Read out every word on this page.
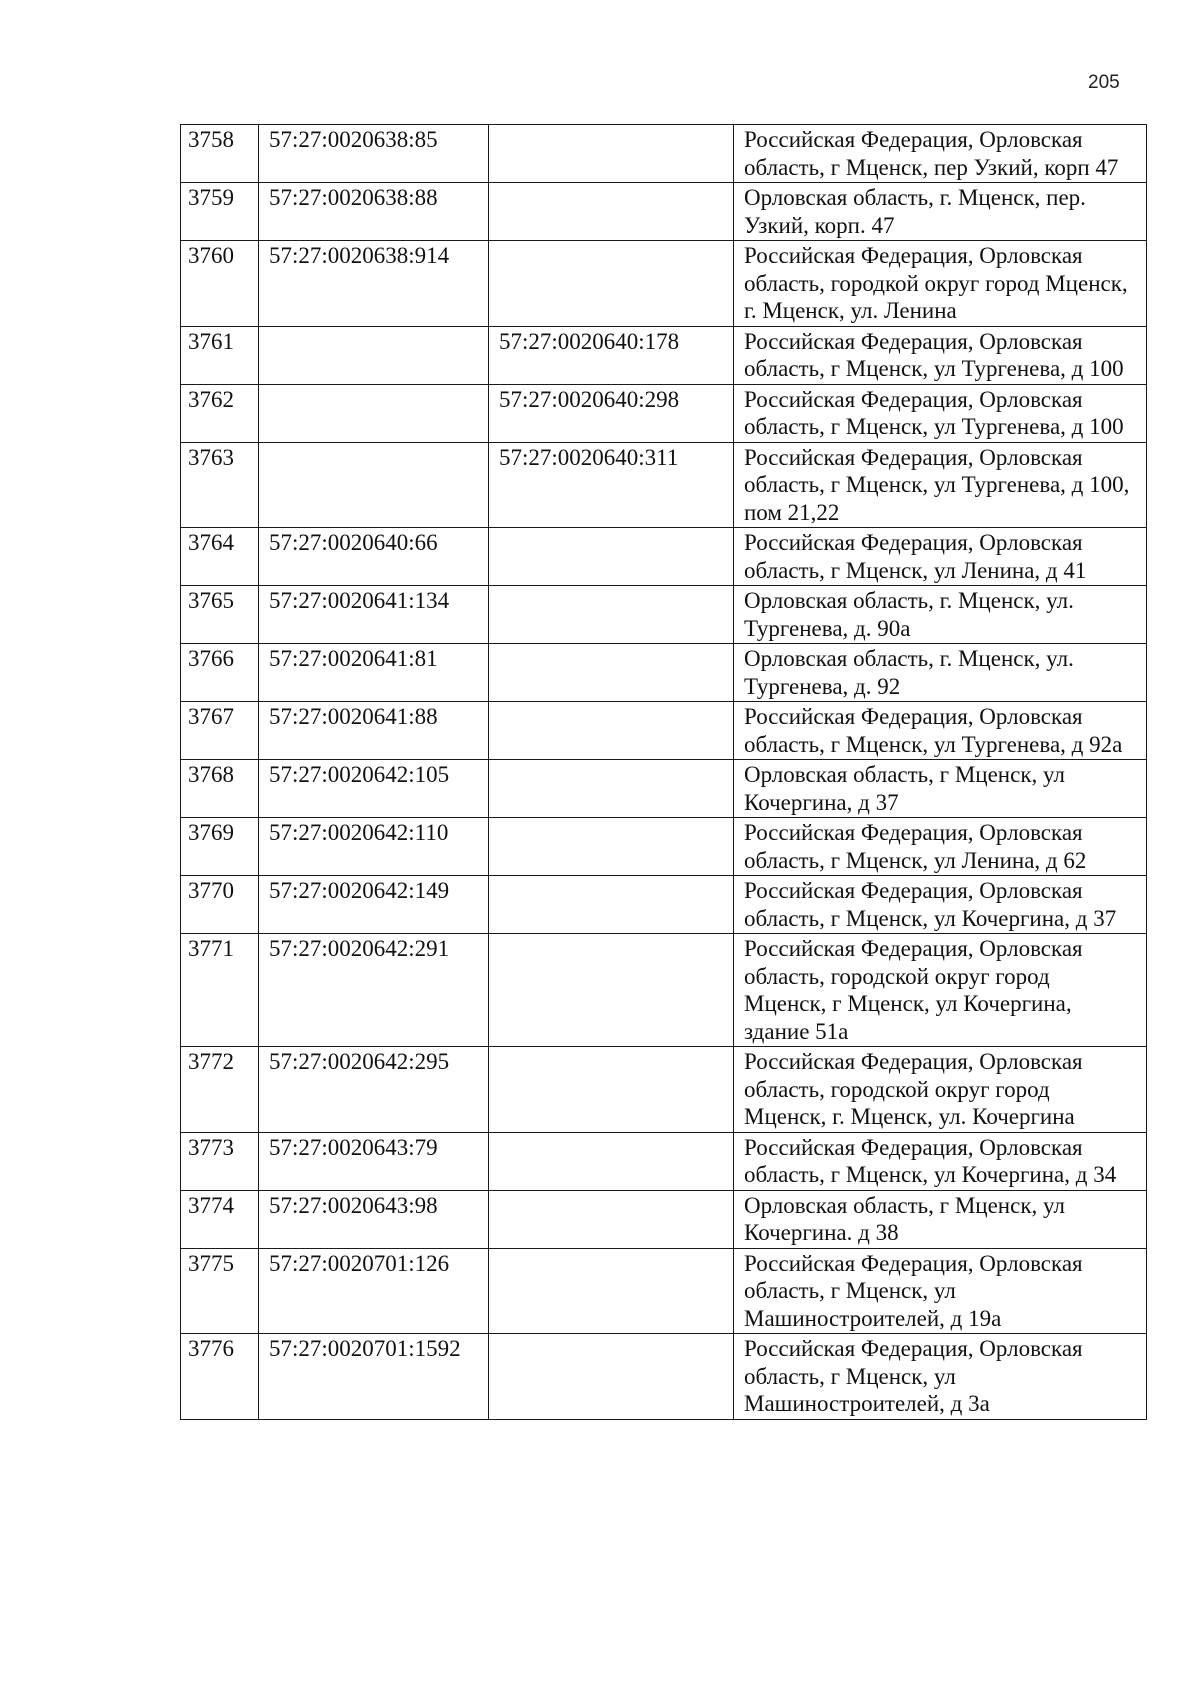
205
3758	57:27:0020638:85		Российская Федерация, Орловская область, г Мценск, пер Узкий, корп 47
3759	57:27:0020638:88		Орловская область, г. Мценск, пер. Узкий, корп. 47
3760	57:27:0020638:914		Российская Федерация, Орловская область, городкой округ город Мценск, г. Мценск, ул. Ленина
3761		57:27:0020640:178	Российская Федерация, Орловская область, г Мценск, ул Тургенева, д 100
3762		57:27:0020640:298	Российская Федерация, Орловская область, г Мценск, ул Тургенева, д 100
3763		57:27:0020640:311	Российская Федерация, Орловская область, г Мценск, ул Тургенева, д 100, пом 21,22
3764	57:27:0020640:66		Российская Федерация, Орловская область, г Мценск, ул Ленина, д 41
3765	57:27:0020641:134		Орловская область, г. Мценск, ул. Тургенева, д. 90а
3766	57:27:0020641:81		Орловская область, г. Мценск, ул. Тургенева, д. 92
3767	57:27:0020641:88		Российская Федерация, Орловская область, г Мценск, ул Тургенева, д 92а
3768	57:27:0020642:105		Орловская область, г Мценск, ул Кочергина, д 37
3769	57:27:0020642:110		Российская Федерация, Орловская область, г Мценск, ул Ленина, д 62
3770	57:27:0020642:149		Российская Федерация, Орловская область, г Мценск, ул Кочергина, д 37
3771	57:27:0020642:291		Российская Федерация, Орловская область, городской округ город Мценск, г Мценск, ул Кочергина, здание 51а
3772	57:27:0020642:295		Российская Федерация, Орловская область, городской округ город Мценск, г. Мценск, ул. Кочергина
3773	57:27:0020643:79		Российская Федерация, Орловская область, г Мценск, ул Кочергина, д 34
3774	57:27:0020643:98		Орловская область, г Мценск, ул Кочергина. д 38
3775	57:27:0020701:126		Российская Федерация, Орловская область, г Мценск, ул Машиностроителей, д 19а
3776	57:27:0020701:1592		Российская Федерация, Орловская область, г Мценск, ул Машиностроителей, д 3а
